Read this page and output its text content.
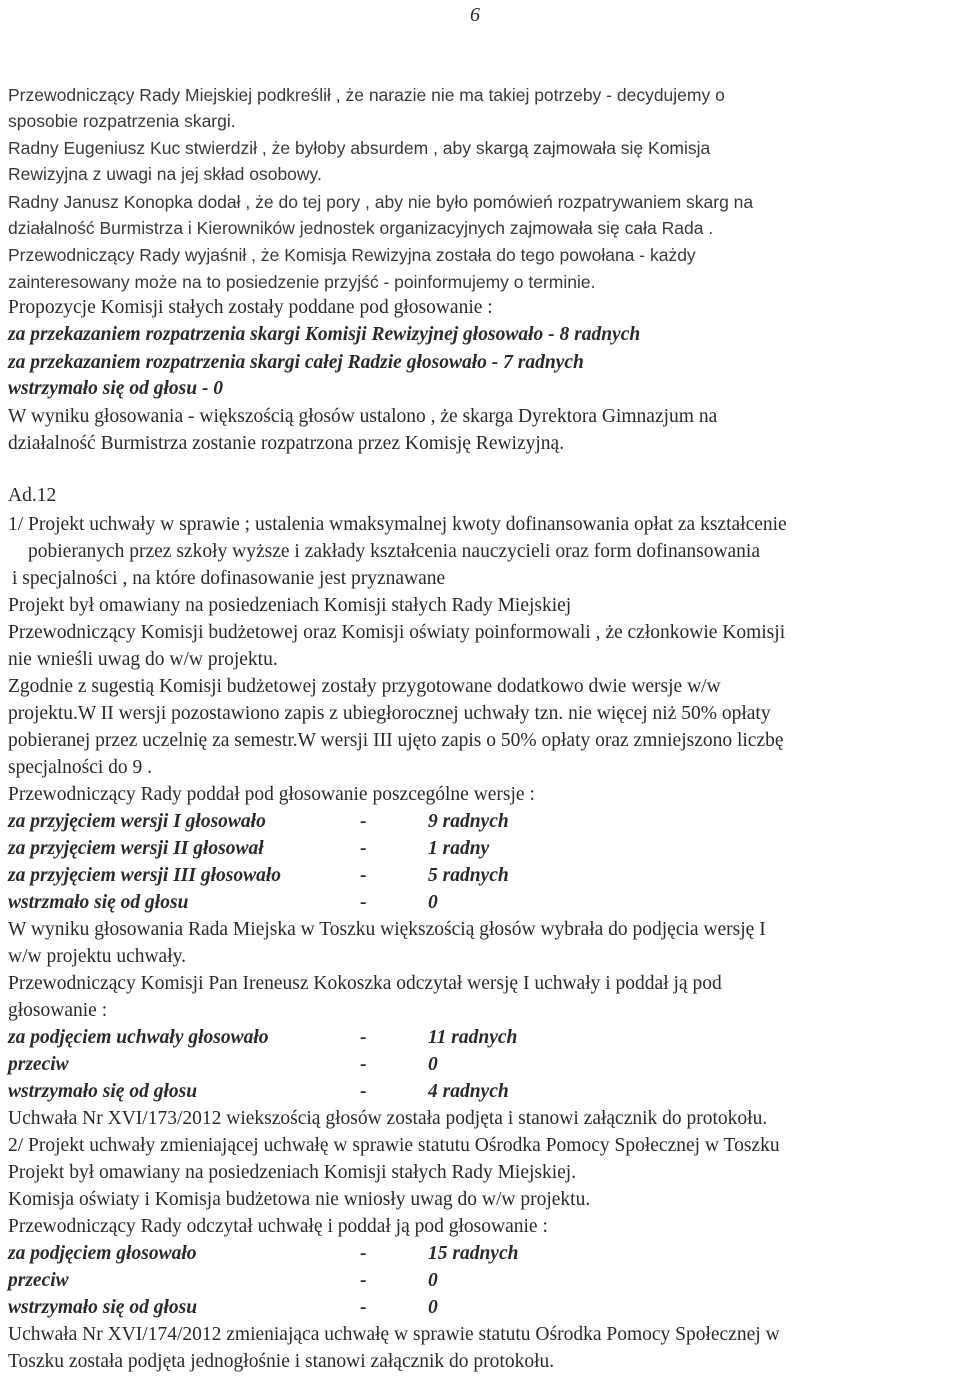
6
Przewodniczący Rady Miejskiej podkreślił , że narazie nie ma takiej potrzeby - decydujemy o
sposobie rozpatrzenia skargi.
Radny Eugeniusz Kuc stwierdził , że byłoby absurdem , aby skargą zajmowała się Komisja
Rewizyjna z uwagi na jej skład osobowy.
Radny Janusz Konopka dodał , że do tej pory , aby nie było pomówień rozpatrywaniem skarg na
działalność Burmistrza i Kierowników jednostek organizacyjnych zajmowała się cała Rada .
Przewodniczący Rady wyjaśnił , że Komisja Rewizyjna została do tego powołana - każdy
zainteresowany może na to posiedzenie przyjść - poinformujemy o terminie.
Propozycje Komisji stałych zostały poddane pod głosowanie :
za przekazaniem rozpatrzenia skargi Komisji Rewizyjnej głosowało - 8 radnych
za przekazaniem rozpatrzenia skargi całej Radzie głosowało - 7 radnych
wstrzymało się od głosu - 0
W wyniku głosowania - większością głosów ustalono , że skarga Dyrektora Gimnazjum na
działalność Burmistrza zostanie rozpatrzona przez Komisję Rewizyjną.
Ad.12
1/ Projekt uchwały w sprawie ; ustalenia wmaksymalnej kwoty dofinansowania opłat za kształcenie
pobieranych przez szkoły wyższe i zakłady kształcenia nauczycieli oraz form dofinansowania
i specjalności , na które dofinasowanie jest pryznawane
Projekt był omawiany na posiedzeniach Komisji stałych Rady Miejskiej
Przewodniczący Komisji budżetowej oraz Komisji oświaty poinformowali , że członkowie Komisji
nie wnieśli uwag do w/w projektu.
Zgodnie z sugestią Komisji budżetowej zostały przygotowane dodatkowo dwie wersje w/w
projektu.W II wersji pozostawiono zapis z ubiegłorocznej uchwały tzn. nie więcej niż 50% opłaty
pobieranej przez uczelnię za semestr.W wersji III ujęto zapis o 50% opłaty oraz zmniejszono liczbę
specjalności do 9 .
Przewodniczący Rady poddał pod głosowanie poszcególne wersje :
za przyjęciem wersji I głosowało	-	9 radnych
za przyjęciem wersji II głosował	-	1 radny
za przyjęciem wersji III głosowało	-	5 radnych
wstrzmało się od głosu	-	0
W wyniku głosowania Rada Miejska w Toszku większością głosów wybrała do podjęcia wersję I
w/w projektu uchwały.
Przewodniczący Komisji Pan Ireneusz Kokoszka odczytał wersję I uchwały i poddał ją pod
głosowanie :
za podjęciem uchwały głosowało	-	11 radnych
przeciw	-	0
wstrzymało się od głosu	-	4 radnych
Uchwała Nr XVI/173/2012 wiekszością głosów została podjęta i stanowi załącznik do protokołu.
2/ Projekt uchwały zmieniającej uchwałę w sprawie statutu Ośrodka Pomocy Społecznej w Toszku
Projekt był omawiany na posiedzeniach Komisji stałych Rady Miejskiej.
Komisja oświaty i Komisja budżetowa nie wniosły uwag do w/w projektu.
Przewodniczący Rady odczytał uchwałę i poddał ją pod głosowanie :
za podjęciem głosowało	-	15 radnych
przeciw	-	0
wstrzymało się od głosu	-	0
Uchwała Nr XVI/174/2012 zmieniająca uchwałę w sprawie statutu Ośrodka Pomocy Społecznej w
Toszku została podjęta jednogłośnie i stanowi załącznik do protokołu.
